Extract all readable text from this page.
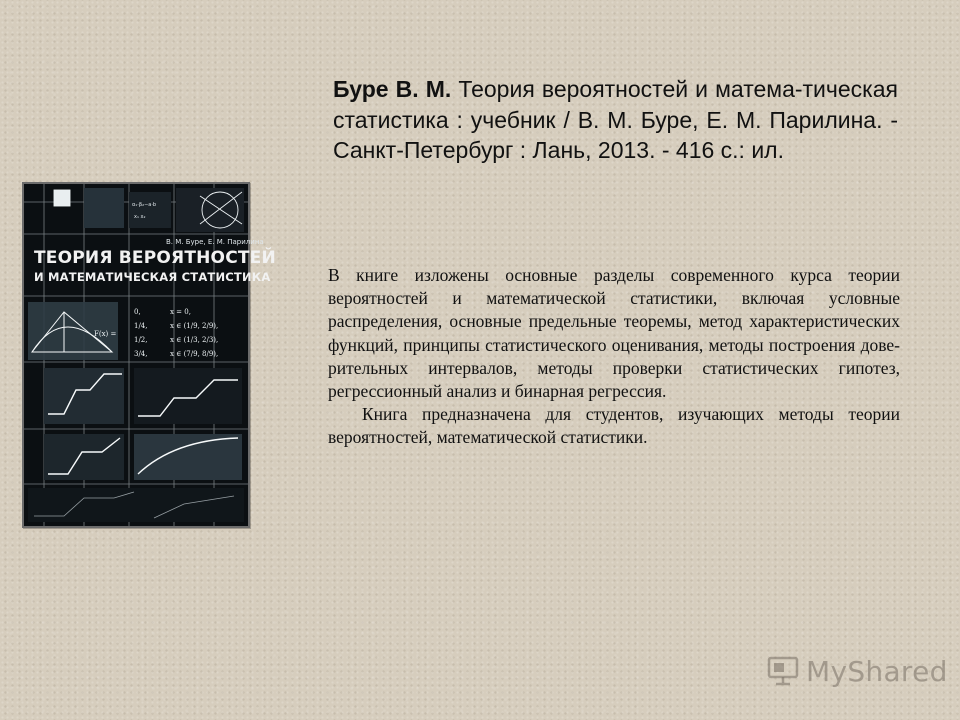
α₁·β₂−a·b
x₁ x₂
0,
1/4,
1/2,
3/4,
x = 0,
x ∈ (1/9, 2/9),
x ∈ (1/3, 2/3),
x ∈ (7/9, 8/9),
F(x) =
В. М. Буре, Е. М. Парилина
ТЕОРИЯ ВЕРОЯТНОСТЕЙ
И МАТЕМАТИЧЕСКАЯ СТАТИСТИКА
Буре В. М. Теория вероятностей и матема-тическая статистика : учебник / В. М. Буре, Е. М. Парилина. - Санкт-Петербург : Лань, 2013. - 416 с.: ил.

В книге изложены основные разделы современного курса теории вероятностей и математической статистики, включая условные распределения, основные предельные теоремы, метод характеристических функций, принципы статистического оценивания, методы построения дове-рительных интервалов, методы проверки статистических гипотез, регрессионный анализ и бинарная регрессия.

Книга предназначена для студентов, изучающих методы теории вероятностей, математической статистики.

MyShared
